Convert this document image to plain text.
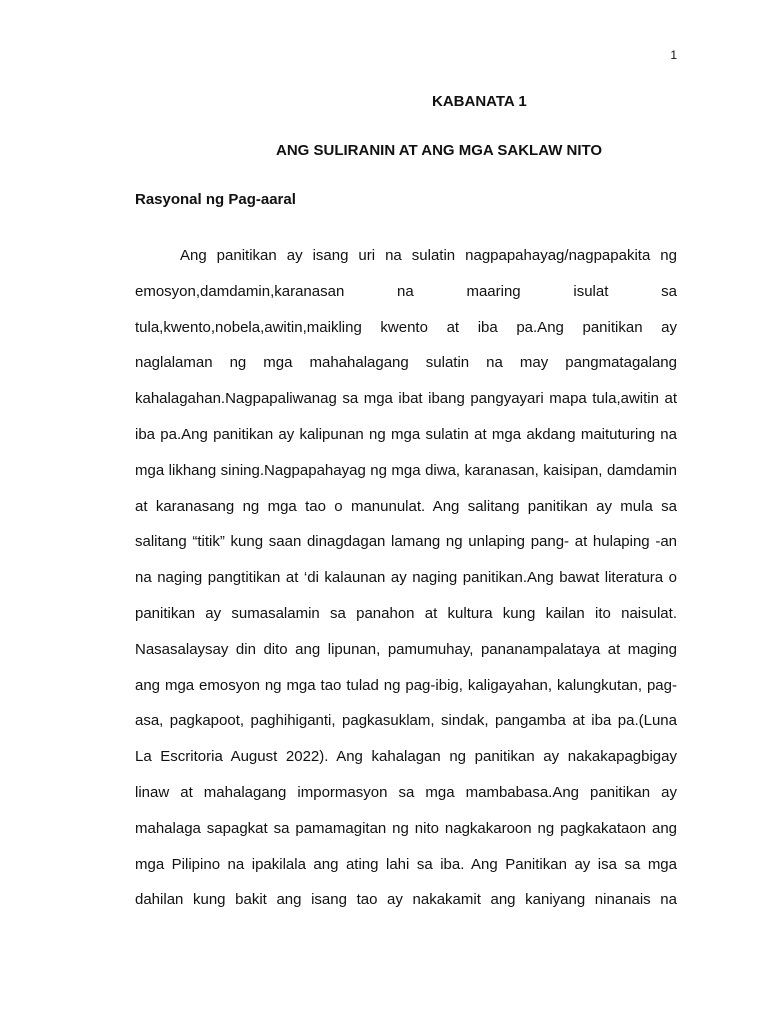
1
KABANATA 1
ANG SULIRANIN AT ANG MGA SAKLAW NITO
Rasyonal ng Pag-aaral
Ang panitikan ay isang uri na sulatin nagpapahayag/nagpapakita ng
emosyon,damdamin,karanasan na maaring isulat sa
tula,kwento,nobela,awitin,maikling kwento at iba pa.Ang panitikan ay
naglalaman ng mga mahahalagang sulatin na may pangmatagalang
kahalagahan.Nagpapaliwanag sa mga ibat ibang pangyayari mapa tula,awitin at
iba pa.Ang panitikan ay kalipunan ng mga sulatin at mga akdang maituturing na
mga likhang sining.Nagpapahayag ng mga diwa, karanasan, kaisipan, damdamin
at karanasang ng mga tao o manunulat. Ang salitang panitikan ay mula sa
salitang “titik” kung saan dinagdagan lamang ng unlaping pang- at hulaping -an
na naging pangtitikan at ‘di kalaunan ay naging panitikan.Ang bawat literatura o
panitikan ay sumasalamin sa panahon at kultura kung kailan ito naisulat.
Nasasalaysay din dito ang lipunan, pamumuhay, pananampalataya at maging
ang mga emosyon ng mga tao tulad ng pag-ibig, kaligayahan, kalungkutan, pag-
asa, pagkapoot, paghihiganti, pagkasuklam, sindak, pangamba at iba pa.(Luna
La Escritoria August 2022). Ang kahalagan ng panitikan ay nakakapagbigay
linaw at mahalagang impormasyon sa mga mambabasa.Ang panitikan ay
mahalaga sapagkat sa pamamagitan ng nito nagkakaroon ng pagkakataon ang
mga Pilipino na ipakilala ang ating lahi sa iba. Ang Panitikan ay isa sa mga
dahilan kung bakit ang isang tao ay nakakamit ang kaniyang ninanais na
